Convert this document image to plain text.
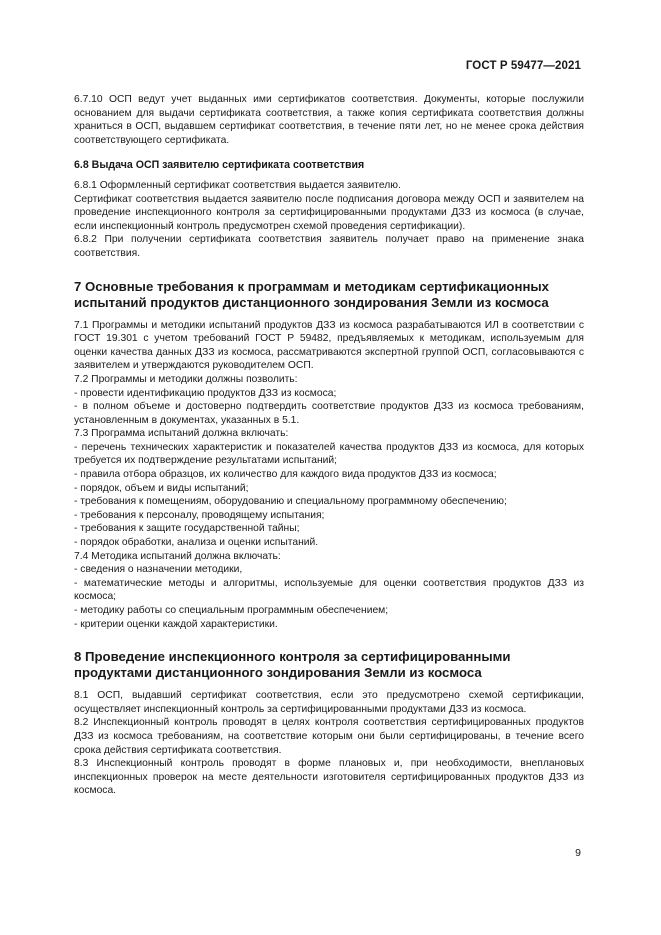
ГОСТ Р 59477—2021

6.7.10 ОСП ведут учет выданных ими сертификатов соответствия. Документы, которые послужили основанием для выдачи сертификата соответствия, а также копия сертификата соответствия должны храниться в ОСП, выдавшем сертификат соответствия, в течение пяти лет, но не менее срока действия соответствующего сертификата.

6.8 Выдача ОСП заявителю сертификата соответствия

6.8.1 Оформленный сертификат соответствия выдается заявителю.

Сертификат соответствия выдается заявителю после подписания договора между ОСП и заявителем на проведение инспекционного контроля за сертифицированными продуктами ДЗЗ из космоса (в случае, если инспекционный контроль предусмотрен схемой проведения сертификации).

6.8.2 При получении сертификата соответствия заявитель получает право на применение знака соответствия.

7 Основные требования к программам и методикам сертификационных испытаний продуктов дистанционного зондирования Земли из космоса

7.1 Программы и методики испытаний продуктов ДЗЗ из космоса разрабатываются ИЛ в соответствии с ГОСТ 19.301 с учетом требований ГОСТ Р 59482, предъявляемых к методикам, используемым для оценки качества данных ДЗЗ из космоса, рассматриваются экспертной группой ОСП, согласовываются с заявителем и утверждаются руководителем ОСП.

7.2 Программы и методики должны позволить:

- провести идентификацию продуктов ДЗЗ из космоса;

- в полном объеме и достоверно подтвердить соответствие продуктов ДЗЗ из космоса требованиям, установленным в документах, указанных в 5.1.

7.3 Программа испытаний должна включать:

- перечень технических характеристик и показателей качества продуктов ДЗЗ из космоса, для которых требуется их подтверждение результатами испытаний;

- правила отбора образцов, их количество для каждого вида продуктов ДЗЗ из космоса;

- порядок, объем и виды испытаний;

- требования к помещениям, оборудованию и специальному программному обеспечению;

- требования к персоналу, проводящему испытания;

- требования к защите государственной тайны;

- порядок обработки, анализа и оценки испытаний.

7.4 Методика испытаний должна включать:

- сведения о назначении методики,

- математические методы и алгоритмы, используемые для оценки соответствия продуктов ДЗЗ из космоса;

- методику работы со специальным программным обеспечением;

- критерии оценки каждой характеристики.

8 Проведение инспекционного контроля за сертифицированными продуктами дистанционного зондирования Земли из космоса

8.1 ОСП, выдавший сертификат соответствия, если это предусмотрено схемой сертификации, осуществляет инспекционный контроль за сертифицированными продуктами ДЗЗ из космоса.

8.2 Инспекционный контроль проводят в целях контроля соответствия сертифицированных продуктов ДЗЗ из космоса требованиям, на соответствие которым они были сертифицированы, в течение всего срока действия сертификата соответствия.

8.3 Инспекционный контроль проводят в форме плановых и, при необходимости, внеплановых инспекционных проверок на месте деятельности изготовителя сертифицированных продуктов ДЗЗ из космоса.

9
